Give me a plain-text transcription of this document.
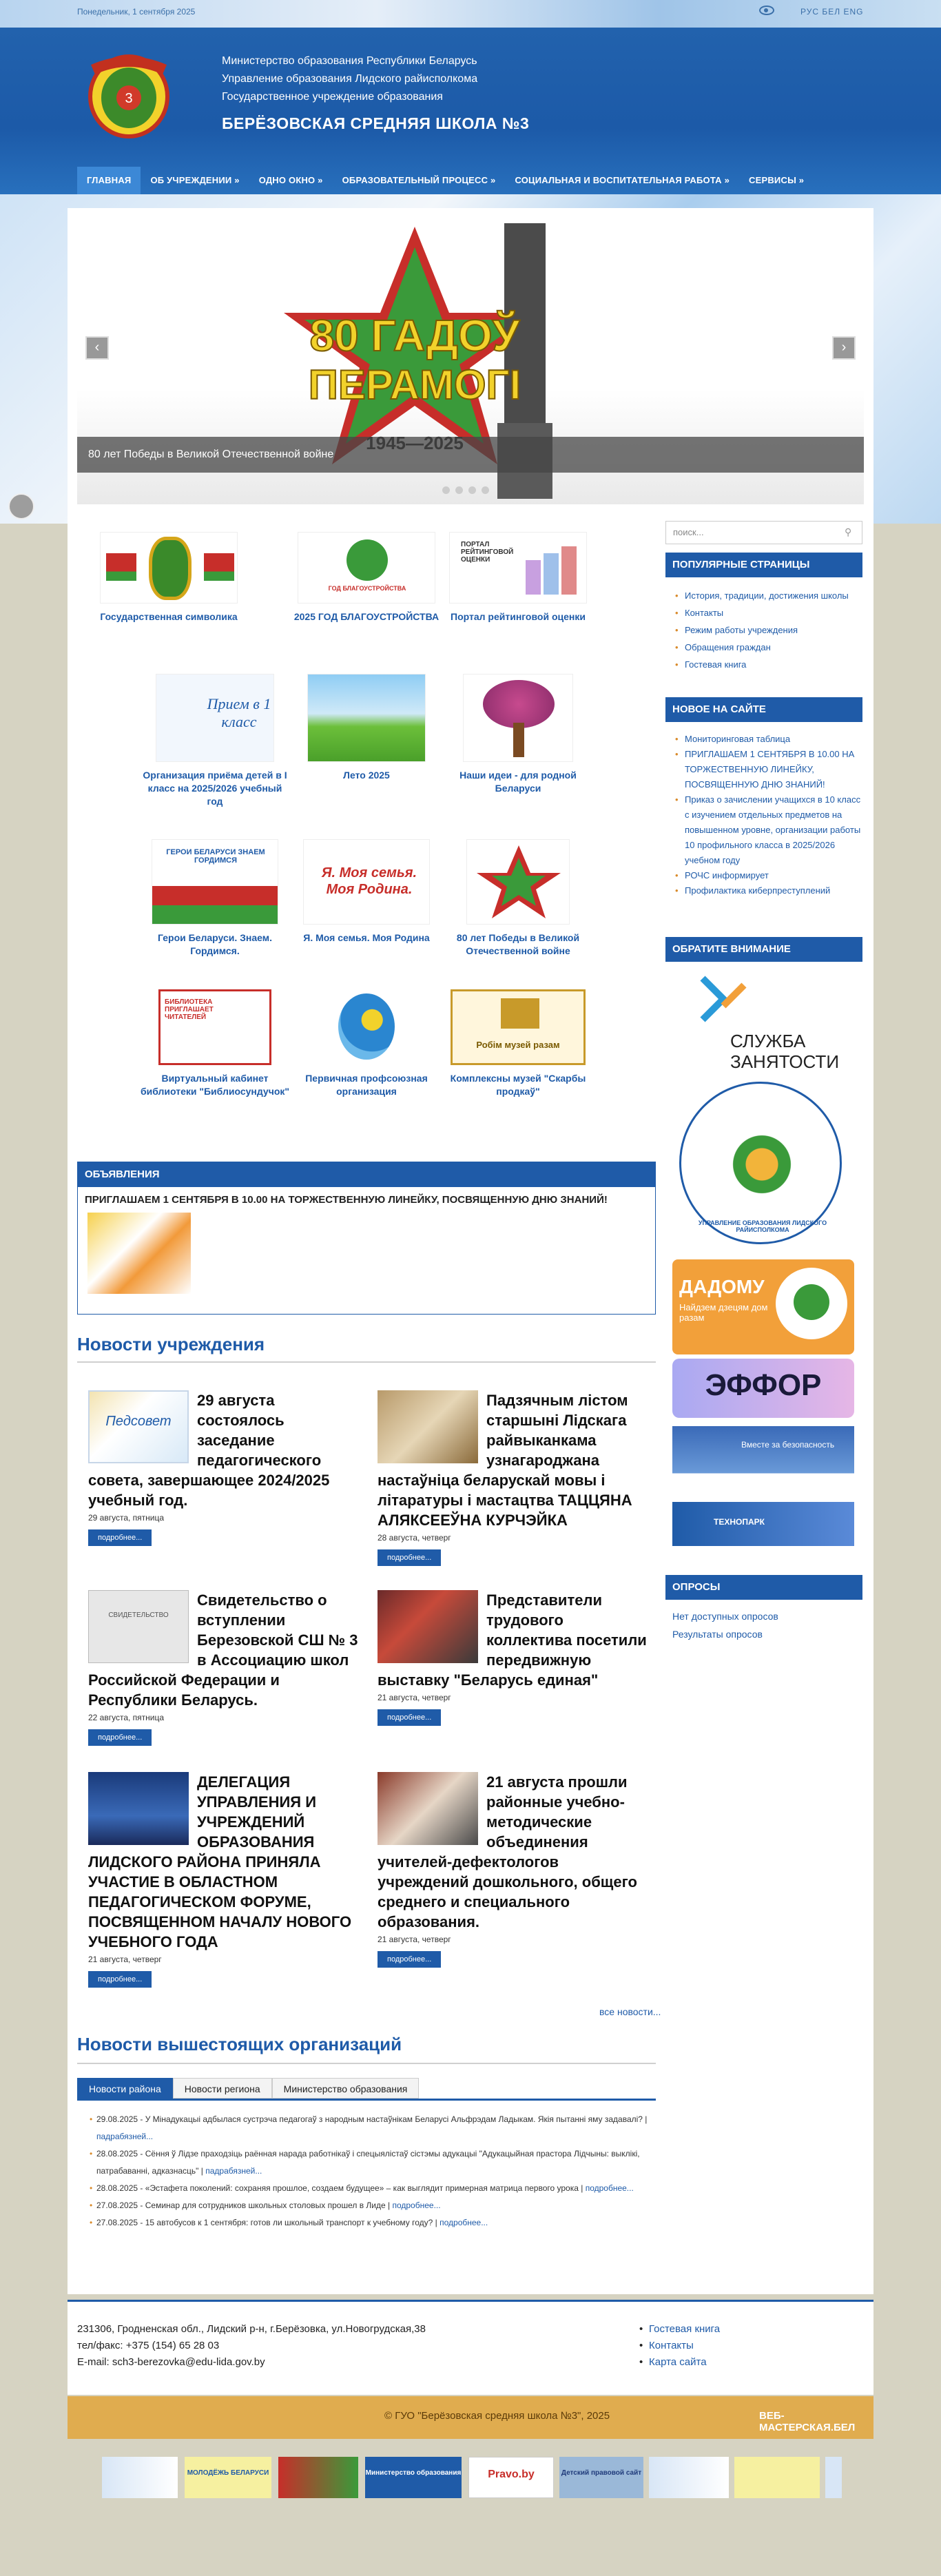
Понедельник, 1 сентября 2025	РУС БЕЛ ENG
3
Министерство образования Республики Беларусь
Управление образования Лидского райисполкома
Государственное учреждение образования
БЕРЁЗОВСКАЯ СРЕДНЯЯ ШКОЛА №3
ГЛАВНАЯ	ОБ УЧРЕЖДЕНИИ »	ОДНО ОКНО »	ОБРАЗОВАТЕЛЬНЫЙ ПРОЦЕСС »	СОЦИАЛЬНАЯ И ВОСПИТАТЕЛЬНАЯ РАБОТА »	СЕРВИСЫ »
80 ГАДОЎ
ПЕРАМОГІ
‹	›
80 лет Победы в Великой Отечественной войне
Государственная символика
ГОД БЛАГОУСТРОЙСТВА
2025 ГОД БЛАГОУСТРОЙСТВА
ПОРТАЛ РЕЙТИНГОВОЙ ОЦЕНКИ
Портал рейтинговой оценки
Прием в 1 класс
Организация приёма детей в I класс на 2025/2026 учебный год
Лето 2025	Наши идеи - для родной Беларуси
ГЕРОИ БЕЛАРУСИ ЗНАЕМ ГОРДИМСЯ
Герои Беларуси. Знаем. Гордимся.
Я. Моя семья. Моя Родина.
Я. Моя семья. Моя Родина	80 лет Победы в Великой Отечественной войне
БИБЛИОТЕКА ПРИГЛАШАЕТ ЧИТАТЕЛЕЙ
Виртуальный кабинет библиотеки "Библиосундучок"
Первичная профсоюзная организация
Робім музей разам
Комплексны музей "Скарбы продкаў"
ОБЪЯВЛЕНИЯ
ПРИГЛАШАЕМ 1 СЕНТЯБРЯ В 10.00 НА ТОРЖЕСТВЕННУЮ ЛИНЕЙКУ, ПОСВЯЩЕННУЮ ДНЮ ЗНАНИЙ!
Новости учреждения
Педсовет
29 августа состоялось заседание педагогического совета, завершающее 2024/2025 учебный год.
29 августа, пятница
подробнее...
Падзячным лістом старшыні Лідскага райвыканкама узнагароджана настаўніца беларускай мовы і літаратуры і мастацтва ТАЦЦЯНА АЛЯКСЕЕЎНА КУРЧЭЙКА
28 августа, четверг
подробнее...
СВИДЕТЕЛЬСТВО
Свидетельство о вступлении Березовской СШ № 3 в Ассоциацию школ Российской Федерации и Республики Беларусь.
22 августа, пятница
подробнее...
Представители трудового коллектива посетили передвижную выставку "Беларусь единая"
21 августа, четверг
подробнее...
ДЕЛЕГАЦИЯ УПРАВЛЕНИЯ И УЧРЕЖДЕНИЙ ОБРАЗОВАНИЯ ЛИДСКОГО РАЙОНА ПРИНЯЛА УЧАСТИЕ В ОБЛАСТНОМ ПЕДАГОГИЧЕСКОМ ФОРУМЕ, ПОСВЯЩЕННОМ НАЧАЛУ НОВОГО УЧЕБНОГО ГОДА
21 августа, четверг
подробнее...
21 августа прошли районные учебно-методические объединения учителей-дефектологов учреждений дошкольного, общего среднего и специального образования.
21 августа, четверг
подробнее...
все новости...
Новости вышестоящих организаций
Новости района	Новости региона	Министерство образования
• 29.08.2025 - У Мінадукацыі адбылася сустрэча педагогаў з народным настаўнікам Беларусі Альфрэдам Ладыкам. Якія пытанні яму задавалі? | падрабязней...
• 28.08.2025 - Сёння ў Лідзе праходзіць раённая нарада работнікаў і спецыялістаў сістэмы адукацыі "Адукацыйная прастора Лідчыны: выклікі, патрабаванні, адказнасць" | падрабязней...
• 28.08.2025 - «Эстафета поколений: сохраняя прошлое, создаем будущее» – как выглядит примерная матрица первого урока | подробнее...
• 27.08.2025 - Семинар для сотрудников школьных столовых прошел в Лиде | подробнее...
• 27.08.2025 - 15 автобусов к 1 сентября: готов ли школьный транспорт к учебному году? | подробнее...
поиск...	⚲
ПОПУЛЯРНЫЕ СТРАНИЦЫ
• История, традиции, достижения школы
• Контакты
• Режим работы учреждения
• Обращения граждан
• Гостевая книга
НОВОЕ НА САЙТЕ
• Мониторинговая таблица
• ПРИГЛАШАЕМ 1 СЕНТЯБРЯ В 10.00 НА ТОРЖЕСТВЕННУЮ ЛИНЕЙКУ, ПОСВЯЩЕННУЮ ДНЮ ЗНАНИЙ!
• Приказ о зачислении учащихся в 10 класс с изучением отдельных предметов на повышенном уровне, организации работы 10 профильного класса в 2025/2026 учебном году
• РОЧС информирует
• Профилактика киберпреступлений
ОБРАТИТЕ ВНИМАНИЕ
СЛУЖБА ЗАНЯТОСТИ
УПРАВЛЕНИЕ ОБРАЗОВАНИЯ ЛИДСКОГО РАЙИСПОЛКОМА
ДАДОМУ
Найдзем дзецям дом разам
ЭФФОР
Вместе за безопасность
ТЕХНОПАРК
ОПРОСЫ
Нет доступных опросов
Результаты опросов
231306, Гродненская обл., Лидский р-н, г.Берёзовка, ул.Новогрудская,38
тел/факс: +375 (154) 65 28 03
E-mail: sch3-berezovka@edu-lida.gov.by
• Гостевая книга
• Контакты
• Карта сайта
© ГУО "Берёзовская средняя школа №3", 2025	ВЕБ-МАСТЕРСКАЯ.БЕЛ
МОЛОДЁЖЬ БЕЛАРУСИ	Министерство образования	Pravo.by	Детский правовой сайт
